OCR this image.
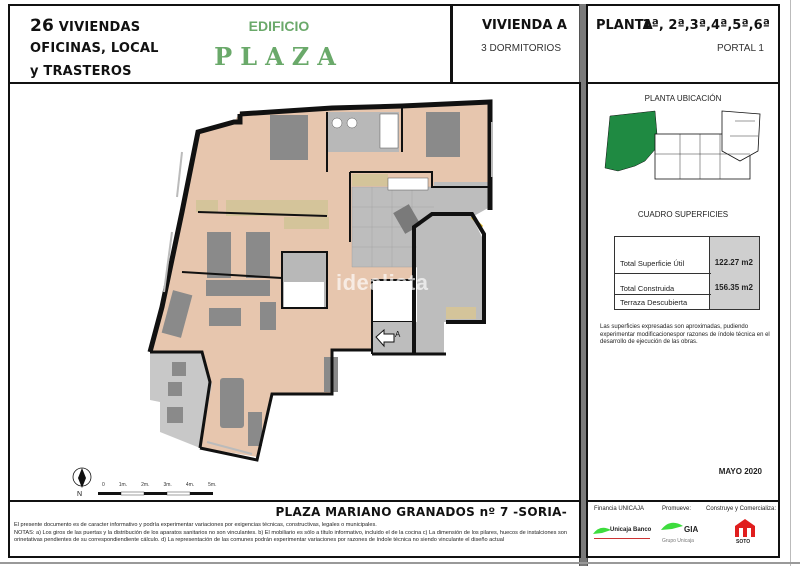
26 VIVIENDAS
OFICINAS, LOCAL
y TRASTEROS
EDIFICIO
PLAZA
VIVIENDA A
3 DORMITORIOS
PLANTA
1ª, 2ª,3ª,4ª,5ª,6ª
PORTAL 1
0	1m.	2m.	3m.	4m.	5m.
N
A
idealista
PLANTA UBICACIÓN
CUADRO SUPERFICIES
Total Superficie Útil	122.27 m2
Total Construida	156.35 m2
Terraza Descubierta
Las superficies expresadas son aproximadas, pudiendo experimentar modificacionespor razones de índole técnica en el desarrollo de ejecución de las obras.
MAYO 2020
PLAZA MARIANO GRANADOS nº 7 -SORIA-
El presente documento es de caracter informativo y podría experimentar variaciones por exigencias técnicas, constructivas, legales o municipales.
NOTAS: a) Los giros de las puertas y la distribución de los aparatos sanitarios no son vinculantes. b) El mobiliario es sólo a título informativo, incluido el de la cocina c) La dimensión de los pilares, huecos de instalciones son orinetativas pendientes de su correspondiendiente cálculo. d) La representación de las comunes podrán experimentar variaciones por razones de índole técnica no siendo vinculante el diseño actual
Financia UNICAJA	Promueve: Construye y Comercializa:
Unicaja Banco	GIA
Grupo Unicaja	SOTO
